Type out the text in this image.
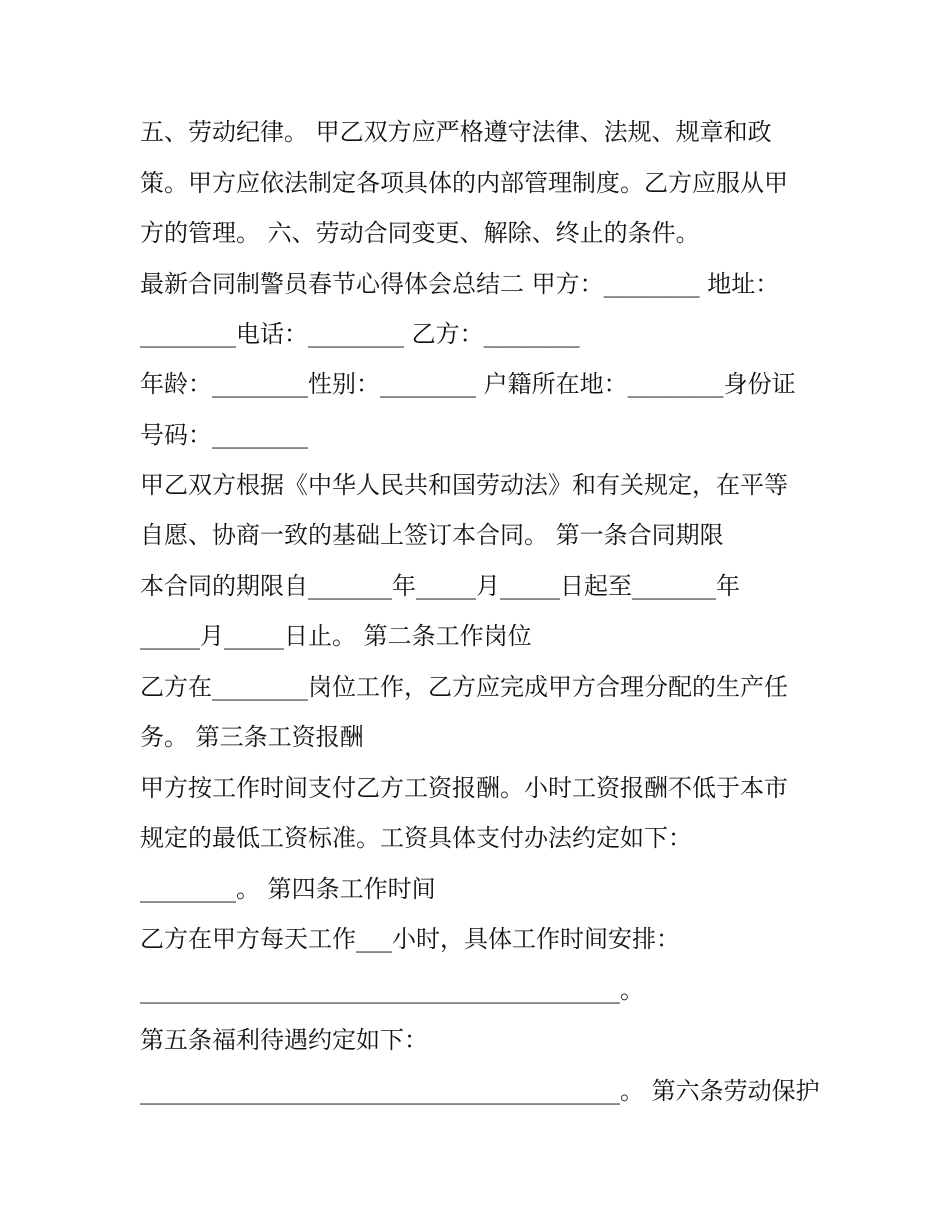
五、劳动纪律。 甲乙双方应严格遵守法律、法规、规章和政
策。甲方应依法制定各项具体的内部管理制度。乙方应服从甲
方的管理。 六、劳动合同变更、解除、终止的条件。
最新合同制警员春节心得体会总结二 甲方：________ 地址：
________电话：________ 乙方：________
年龄：________性别：________ 户籍所在地：________身份证
号码：________
甲乙双方根据《中华人民共和国劳动法》和有关规定，在平等
自愿、协商一致的基础上签订本合同。 第一条合同期限
本合同的期限自_______年_____月_____日起至_______年
_____月_____日止。 第二条工作岗位
乙方在________岗位工作，乙方应完成甲方合理分配的生产任
务。 第三条工资报酬
甲方按工作时间支付乙方工资报酬。小时工资报酬不低于本市
规定的最低工资标准。工资具体支付办法约定如下：
________。 第四条工作时间
乙方在甲方每天工作___小时，具体工作时间安排：
________________________________________。
第五条福利待遇约定如下：
________________________________________。 第六条劳动保护
